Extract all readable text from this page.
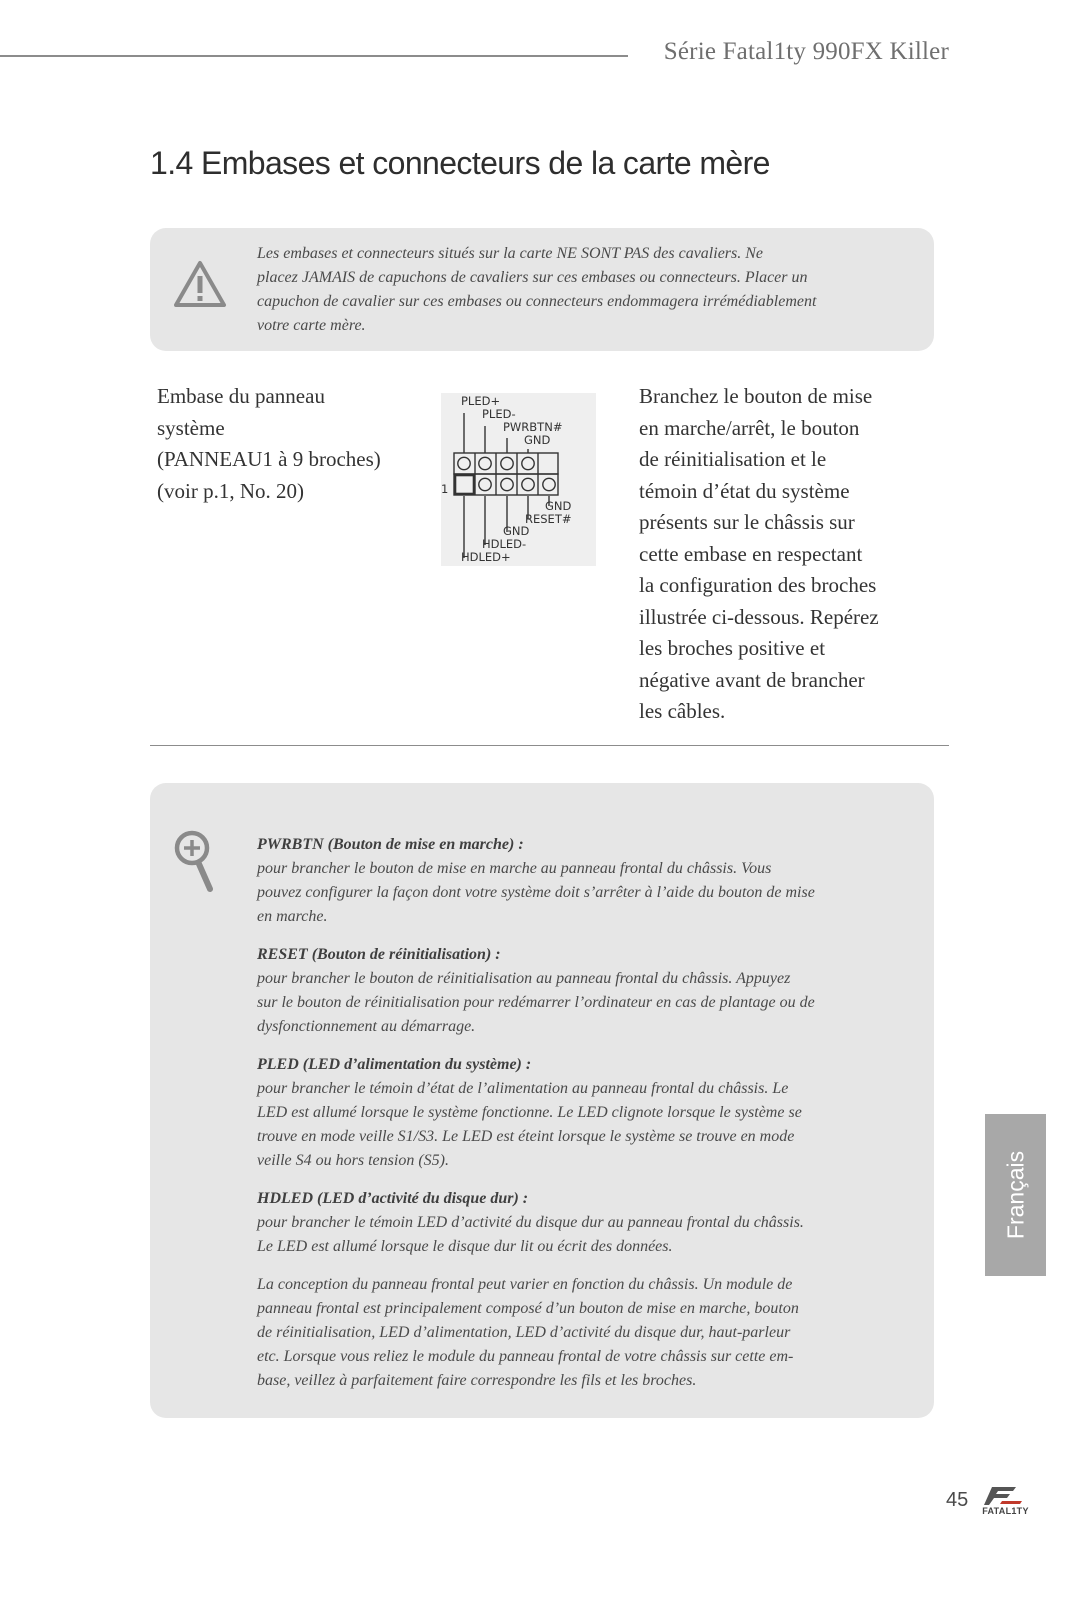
Série Fatal1ty 990FX Killer
1.4 Embases et connecteurs de la carte mère
Les embases et connecteurs situés sur la carte NE SONT PAS des cavaliers. Ne
placez JAMAIS de capuchons de cavaliers sur ces embases ou connecteurs. Placer un
capuchon de cavalier sur ces embases ou connecteurs endommagera irrémédiablement
votre carte mère.
Embase du panneau
système
(PANNEAU1 à 9 broches)
(voir p.1, No. 20)
PLED+
PLED-
PWRBTN#
GND
1
GND
RESET#
GND
HDLED-
HDLED+
Branchez le bouton de mise
en marche/arrêt, le bouton
de réinitialisation et le
témoin d’état du système
présents sur le châssis sur
cette embase en respectant
la configuration des broches
illustrée ci-dessous. Repérez
les broches positive et
négative avant de brancher
les câbles.
PWRBTN (Bouton de mise en marche) :
pour brancher le bouton de mise en marche au panneau frontal du châssis. Vous
pouvez configurer la façon dont votre système doit s’arrêter à l’aide du bouton de mise
en marche.
RESET (Bouton de réinitialisation) :
pour brancher le bouton de réinitialisation au panneau frontal du châssis. Appuyez
sur le bouton de réinitialisation pour redémarrer l’ordinateur en cas de plantage ou de
dysfonctionnement au démarrage.
PLED (LED d’alimentation du système) :
pour brancher le témoin d’état de l’alimentation au panneau frontal du châssis. Le
LED est allumé lorsque le système fonctionne. Le LED clignote lorsque le système se
trouve en mode veille S1/S3. Le LED est éteint lorsque le système se trouve en mode
veille S4 ou hors tension (S5).
HDLED (LED d’activité du disque dur) :
pour brancher le témoin LED d’activité du disque dur au panneau frontal du châssis.
Le LED est allumé lorsque le disque dur lit ou écrit des données.
La conception du panneau frontal peut varier en fonction du châssis. Un module de
panneau frontal est principalement composé d’un bouton de mise en marche, bouton
de réinitialisation, LED d’alimentation, LED d’activité du disque dur, haut-parleur
etc. Lorsque vous reliez le module du panneau frontal de votre châssis sur cette em-
base, veillez à parfaitement faire correspondre les fils et les broches.
Français
45	FATAL1TY
